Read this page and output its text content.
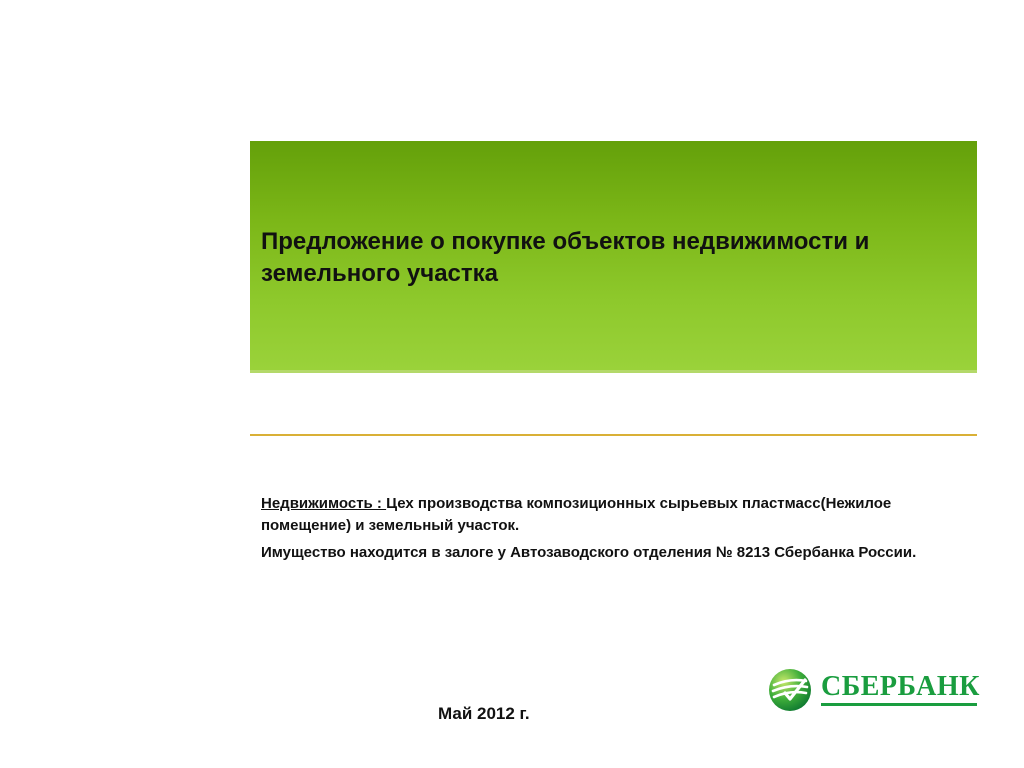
Предложение о покупке объектов недвижимости и земельного участка

Недвижимость : Цех производства композиционных сырьевых пластмасс(Нежилое помещение) и земельный участок.

Имущество находится в залоге у Автозаводского отделения № 8213 Сбербанка России.

Май 2012 г.
СБЕРБАНК
